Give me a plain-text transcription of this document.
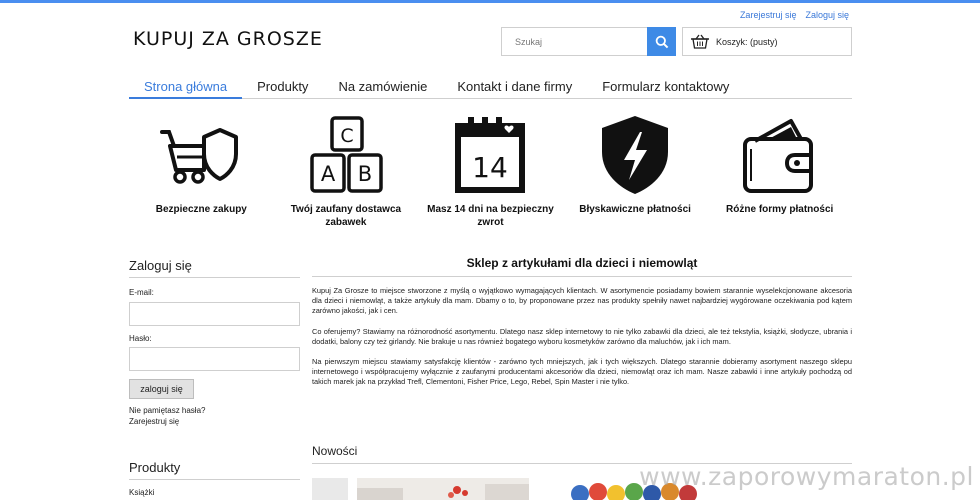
Zarejestruj się Zaloguj się
KUPUJ ZA GROSZE
Szukaj	Koszyk: (pusty)
Strona główna	Produkty	Na zamówienie	Kontakt i dane firmy	Formularz kontaktowy
Bezpieczne zakupy
C
A B
Twój zaufany dostawca zabawek
14
Masz 14 dni na bezpieczny zwrot
Błyskawiczne płatności	Różne formy płatności
Zaloguj się
E-mail:
Hasło:
zaloguj się
Nie pamiętasz hasła?
Zarejestruj się
Produkty
Książki
Sklep z artykułami dla dzieci i niemowląt

Kupuj Za Grosze to miejsce stworzone z myślą o wyjątkowo wymagających klientach. W asortymencie posiadamy bowiem starannie wyselekcjonowane akcesoria dla dzieci i niemowląt, a także artykuły dla mam. Dbamy o to, by proponowane przez nas produkty spełniły nawet najbardziej wygórowane oczekiwania pod kątem zarówno jakości, jak i cen.

Co oferujemy? Stawiamy na różnorodność asortymentu. Dlatego nasz sklep internetowy to nie tylko zabawki dla dzieci, ale też tekstylia, książki, słodycze, ubrania i dodatki, balony czy też girlandy. Nie brakuje u nas również bogatego wyboru kosmetyków zarówno dla maluchów, jak i ich mam.

Na pierwszym miejscu stawiamy satysfakcję klientów - zarówno tych mniejszych, jak i tych większych. Dlatego starannie dobieramy asortyment naszego sklepu internetowego i współpracujemy wyłącznie z zaufanymi producentami akcesoriów dla dzieci, niemowląt oraz ich mam. Nasze zabawki i inne artykuły pochodzą od takich marek jak na przykład Trefl, Clementoni, Fisher Price, Lego, Rebel, Spin Master i nie tylko.

Nowości
www.zaporowymaraton.pl
